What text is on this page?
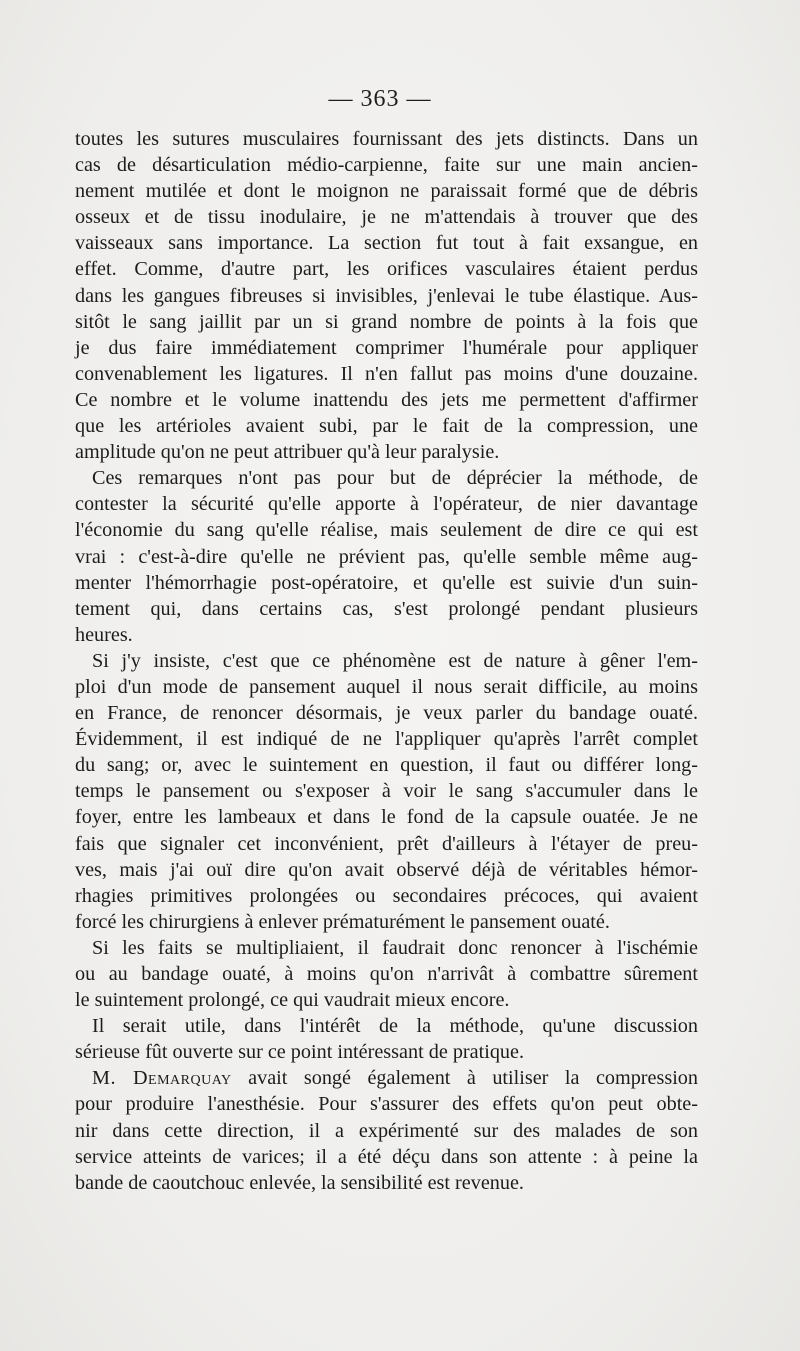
— 363 —

toutes les sutures musculaires fournissant des jets distincts. Dans un
cas de désarticulation médio-carpienne, faite sur une main ancien-
nement mutilée et dont le moignon ne paraissait formé que de débris
osseux et de tissu inodulaire, je ne m'attendais à trouver que des
vaisseaux sans importance. La section fut tout à fait exsangue, en
effet. Comme, d'autre part, les orifices vasculaires étaient perdus
dans les gangues fibreuses si invisibles, j'enlevai le tube élastique. Aus-
sitôt le sang jaillit par un si grand nombre de points à la fois que
je dus faire immédiatement comprimer l'humérale pour appliquer
convenablement les ligatures. Il n'en fallut pas moins d'une douzaine.
Ce nombre et le volume inattendu des jets me permettent d'affirmer
que les artérioles avaient subi, par le fait de la compression, une
amplitude qu'on ne peut attribuer qu'à leur paralysie.
Ces remarques n'ont pas pour but de déprécier la méthode, de
contester la sécurité qu'elle apporte à l'opérateur, de nier davantage
l'économie du sang qu'elle réalise, mais seulement de dire ce qui est
vrai : c'est-à-dire qu'elle ne prévient pas, qu'elle semble même aug-
menter l'hémorrhagie post-opératoire, et qu'elle est suivie d'un suin-
tement qui, dans certains cas, s'est prolongé pendant plusieurs
heures.
Si j'y insiste, c'est que ce phénomène est de nature à gêner l'em-
ploi d'un mode de pansement auquel il nous serait difficile, au moins
en France, de renoncer désormais, je veux parler du bandage ouaté.
Évidemment, il est indiqué de ne l'appliquer qu'après l'arrêt complet
du sang; or, avec le suintement en question, il faut ou différer long-
temps le pansement ou s'exposer à voir le sang s'accumuler dans le
foyer, entre les lambeaux et dans le fond de la capsule ouatée. Je ne
fais que signaler cet inconvénient, prêt d'ailleurs à l'étayer de preu-
ves, mais j'ai ouï dire qu'on avait observé déjà de véritables hémor-
rhagies primitives prolongées ou secondaires précoces, qui avaient
forcé les chirurgiens à enlever prématurément le pansement ouaté.
Si les faits se multipliaient, il faudrait donc renoncer à l'ischémie
ou au bandage ouaté, à moins qu'on n'arrivât à combattre sûrement
le suintement prolongé, ce qui vaudrait mieux encore.
Il serait utile, dans l'intérêt de la méthode, qu'une discussion
sérieuse fût ouverte sur ce point intéressant de pratique.
M. Demarquay avait songé également à utiliser la compression
pour produire l'anesthésie. Pour s'assurer des effets qu'on peut obte-
nir dans cette direction, il a expérimenté sur des malades de son
service atteints de varices; il a été déçu dans son attente : à peine la
bande de caoutchouc enlevée, la sensibilité est revenue.
